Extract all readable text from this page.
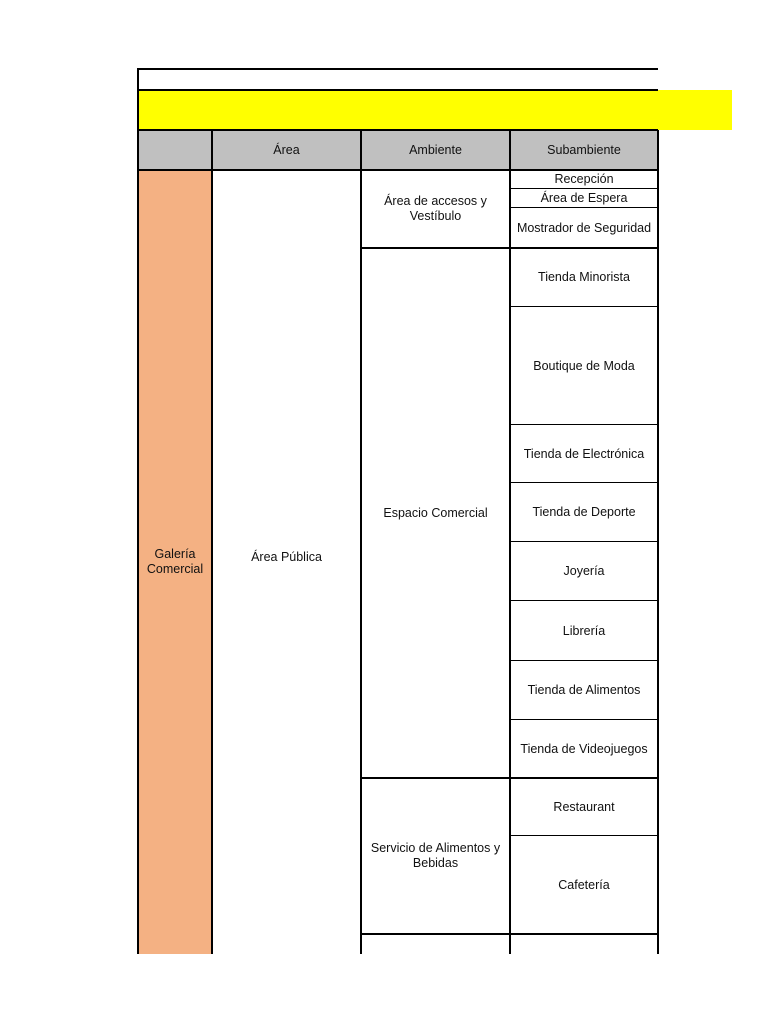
Área	Ambiente	Subambiente
Galería Comercial
Área Pública
Área de accesos y Vestíbulo
Espacio Comercial
Servicio de Alimentos y Bebidas
Recepción
Área de Espera
Mostrador de Seguridad
Tienda Minorista
Boutique de Moda
Tienda de Electrónica
Tienda de Deporte
Joyería
Librería
Tienda de Alimentos
Tienda de Videojuegos
Restaurant
Cafetería
